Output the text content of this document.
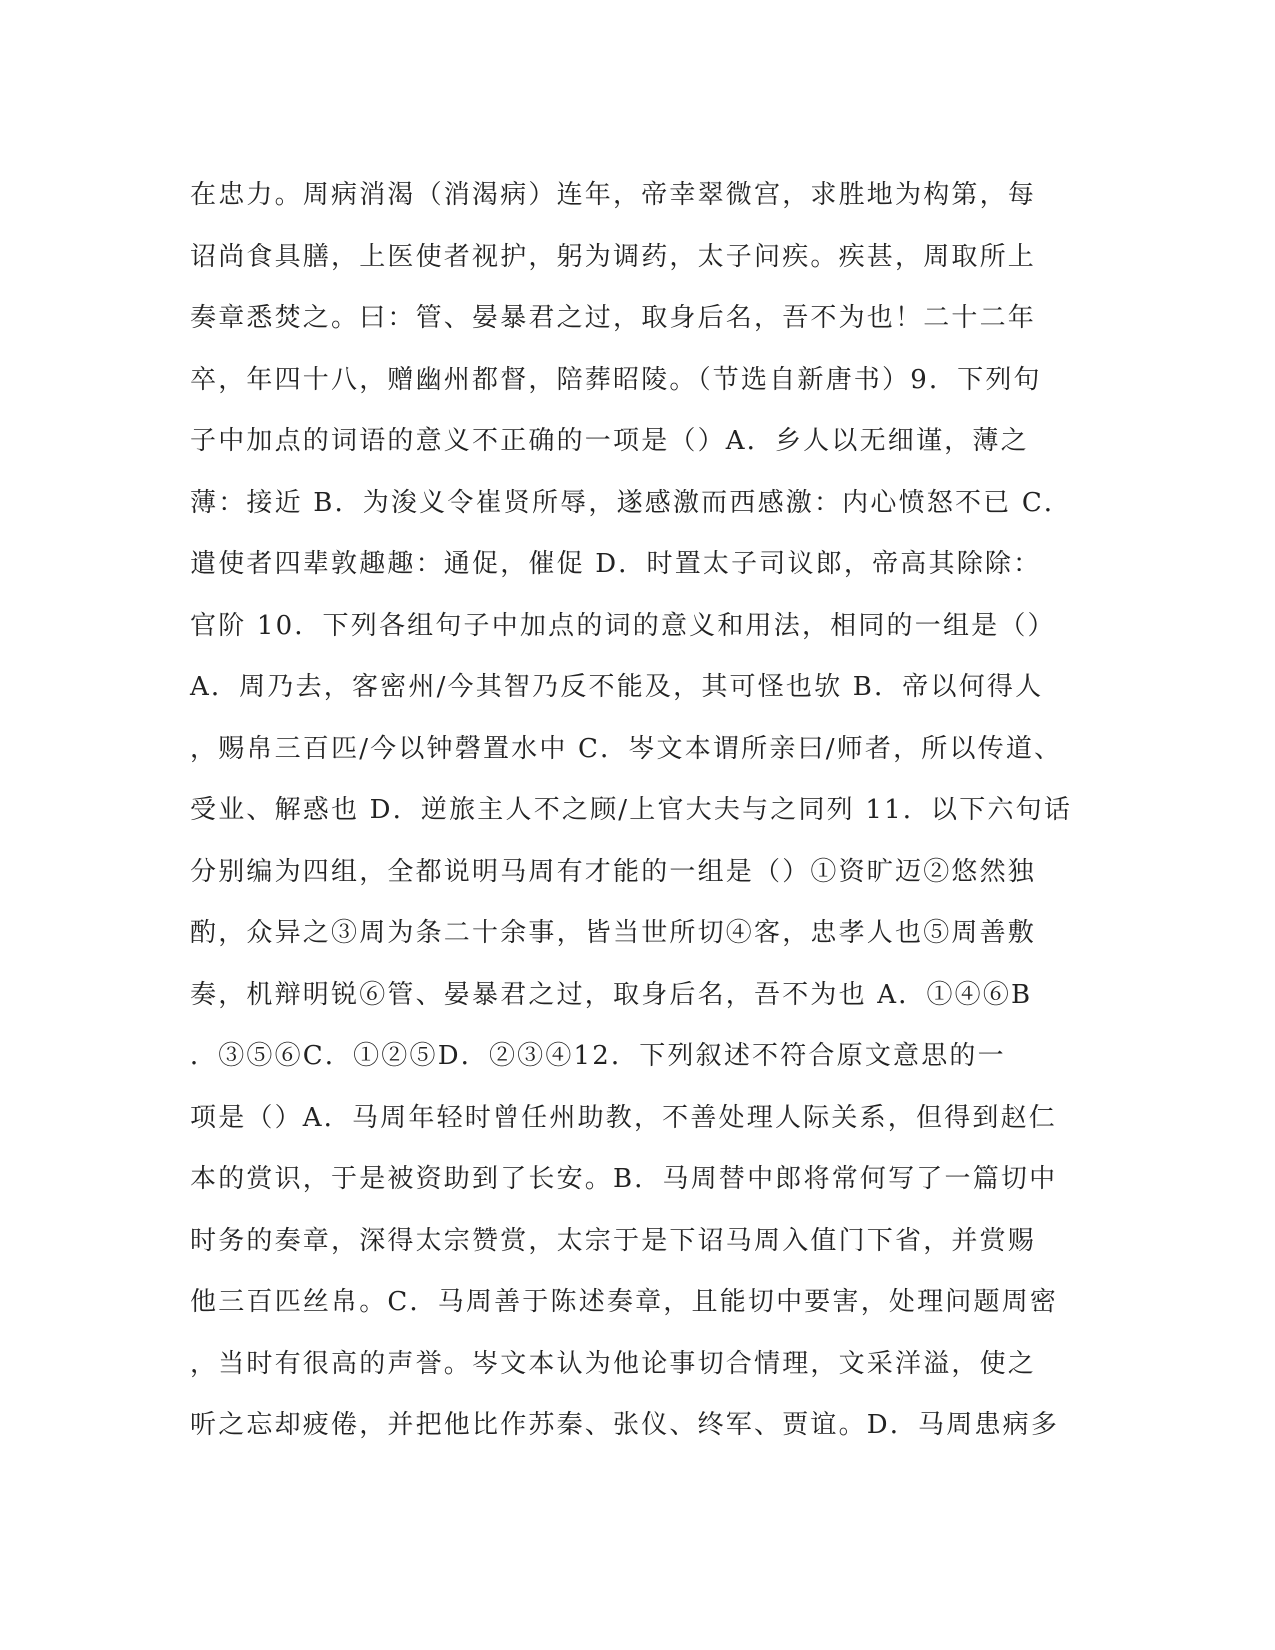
在忠力。周病消渴（消渴病）连年，帝幸翠微宫，求胜地为构第，每
诏尚食具膳，上医使者视护，躬为调药，太子问疾。疾甚，周取所上
奏章悉焚之。曰：管、晏暴君之过，取身后名，吾不为也！二十二年
卒，年四十八，赠幽州都督，陪葬昭陵。（节选自新唐书）9．下列句
子中加点的词语的意义不正确的一项是（）A．乡人以无细谨，薄之
薄：接近 B．为浚义令崔贤所辱，遂感激而西感激：内心愤怒不已 C．
遣使者四辈敦趣趣：通促，催促 D．时置太子司议郎，帝高其除除：
官阶 10．下列各组句子中加点的词的意义和用法，相同的一组是（）
A．周乃去，客密州/今其智乃反不能及，其可怪也欤 B．帝以何得人
，赐帛三百匹/今以钟磬置水中 C．岑文本谓所亲曰/师者，所以传道、
受业、解惑也 D．逆旅主人不之顾/上官大夫与之同列 11．以下六句话
分别编为四组，全都说明马周有才能的一组是（）①资旷迈②悠然独
酌，众异之③周为条二十余事，皆当世所切④客，忠孝人也⑤周善敷
奏，机辩明锐⑥管、晏暴君之过，取身后名，吾不为也 A．①④⑥B
．③⑤⑥C．①②⑤D．②③④12．下列叙述不符合原文意思的一
项是（）A．马周年轻时曾任州助教，不善处理人际关系，但得到赵仁
本的赏识，于是被资助到了长安。B．马周替中郎将常何写了一篇切中
时务的奏章，深得太宗赞赏，太宗于是下诏马周入值门下省，并赏赐
他三百匹丝帛。C．马周善于陈述奏章，且能切中要害，处理问题周密
，当时有很高的声誉。岑文本认为他论事切合情理，文采洋溢，使之
听之忘却疲倦，并把他比作苏秦、张仪、终军、贾谊。D．马周患病多
